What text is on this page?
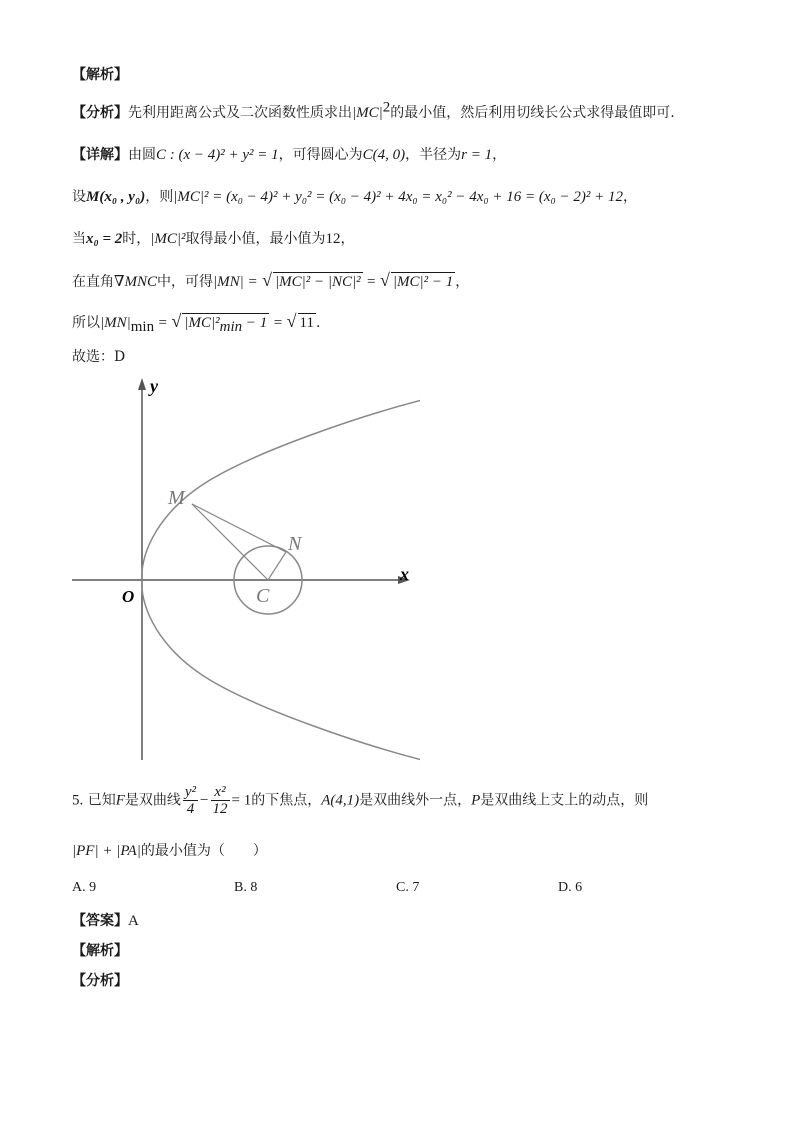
【解析】
【分析】先利用距离公式及二次函数性质求出$|MC|^2$的最小值，然后利用切线长公式求得最值即可.
【详解】由圆C : (x − 4)² + y² = 1，可得圆心为C(4, 0)，半径为r = 1，
设M(x₀ , y₀)，则|MC|² = (x₀ − 4)² + y₀² = (x₀ − 4)² + 4x₀ = x₀² − 4x₀ + 16 = (x₀ − 2)² + 12，
当x₀ = 2时，|MC|²取得最小值，最小值为12，
在直角∇MNC中，可得|MN| = √ |MC|² − |NC|² = √ |MC|² − 1 ，
所以$|MN|_{min}$ = √ $|MC|^2_{min} - 1$ = √ 11 .
故选：D
y
x
O
M
N
C
5. 已知F是双曲线 $\frac{\text{y²}}{4} - \frac{\text{x²}}{12} = 1$的下焦点，A(4,1)是双曲线外一点，P是双曲线上支上的动点，则
|PF| + |PA|的最小值为（　　）
A. 9	B. 8	C. 7	D. 6
【答案】A
【解析】
【分析】
